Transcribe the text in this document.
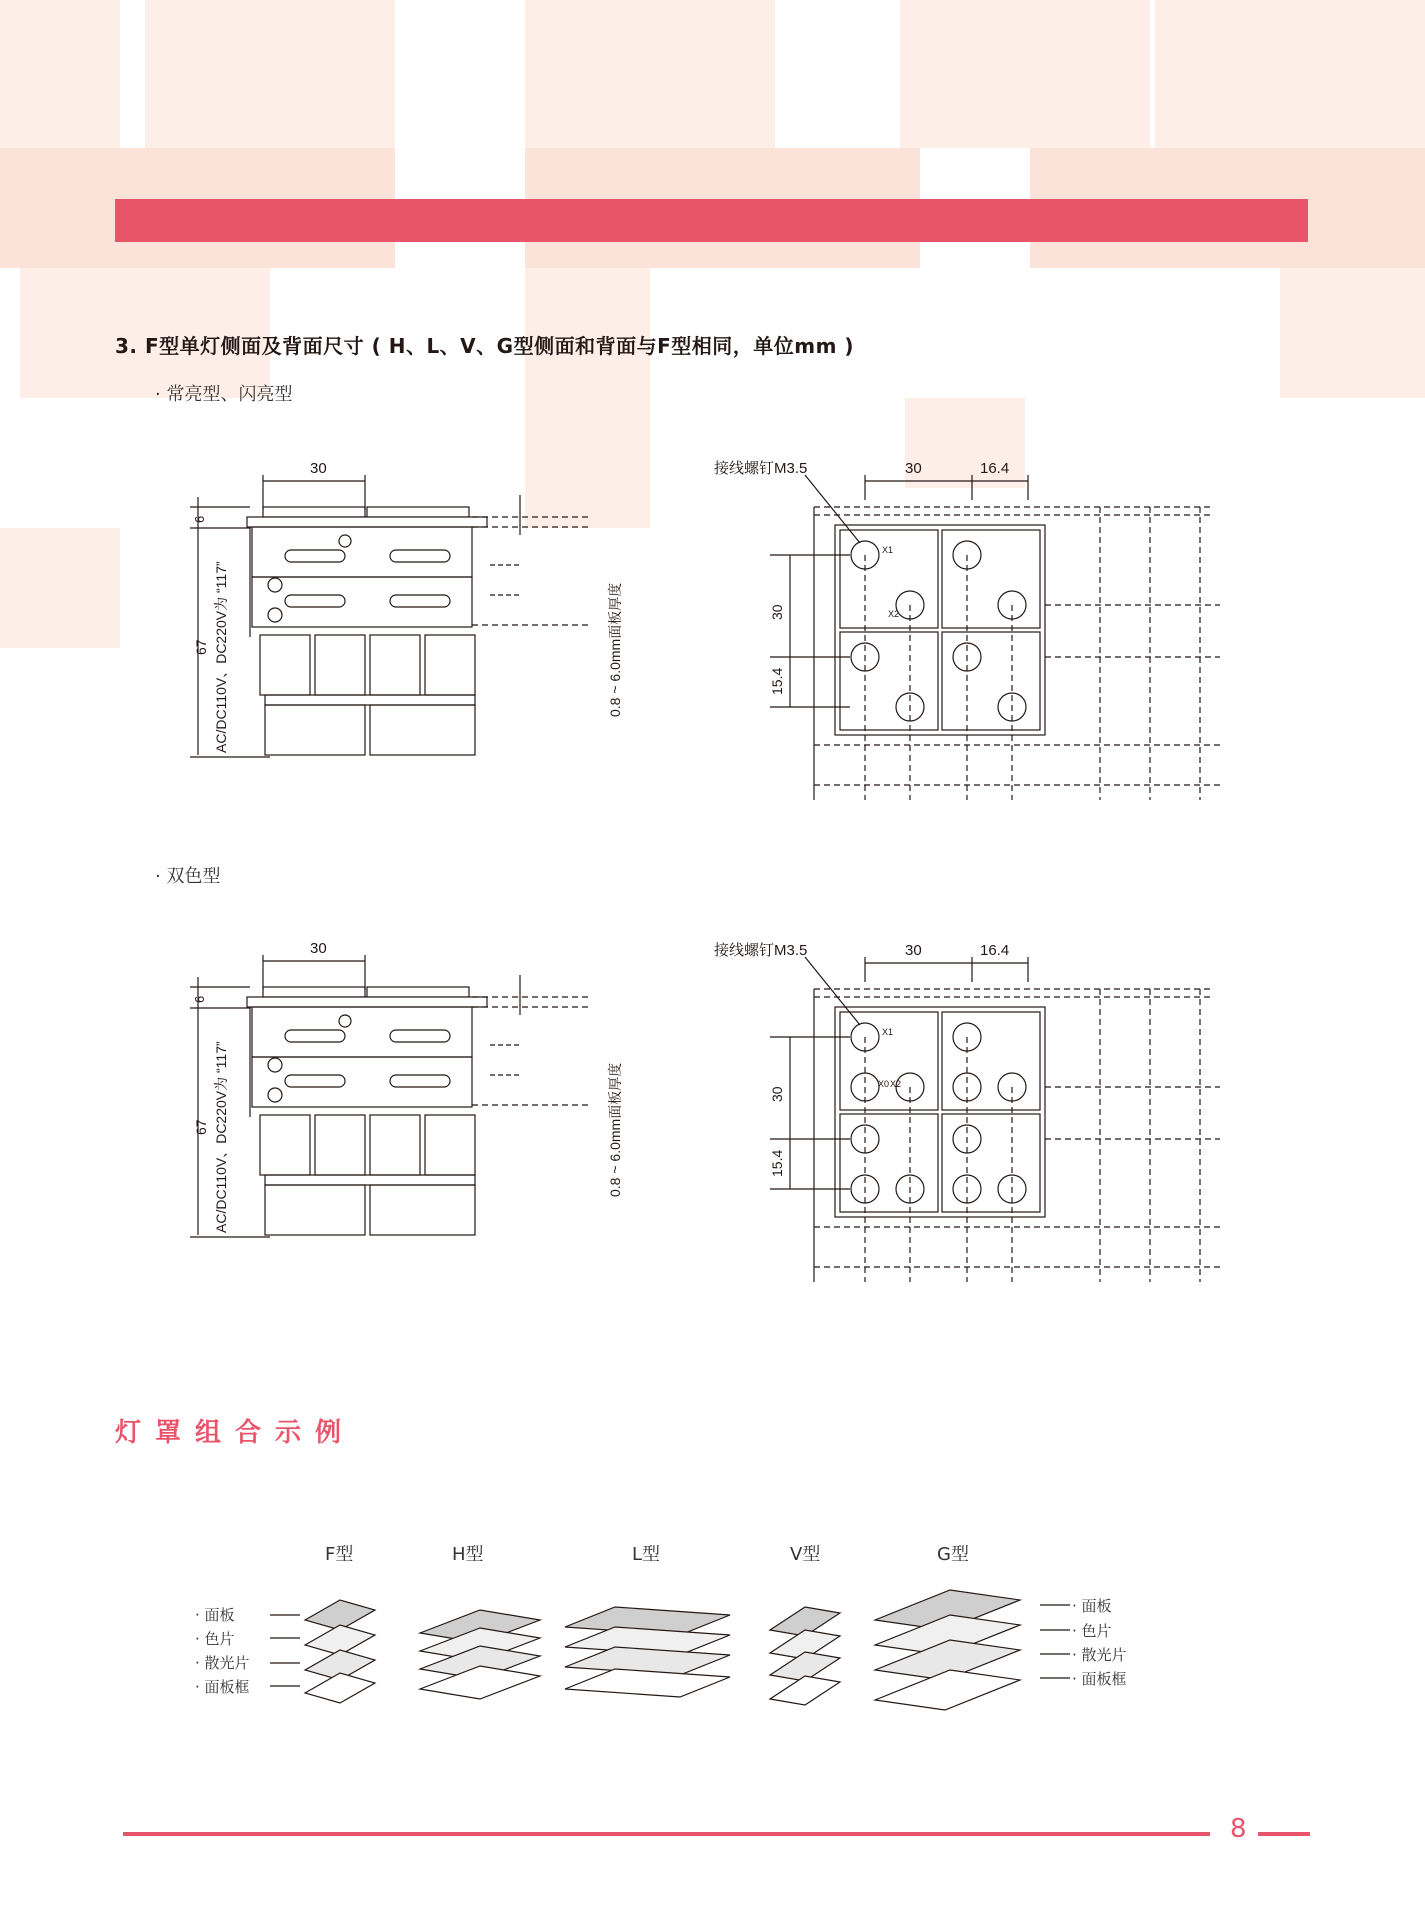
3. F型单灯侧面及背面尺寸 ( H、L、V、G型侧面和背面与F型相同，单位mm )
· 常亮型、闪亮型
30
6
67 AC/DC110V、DC220V为 “117”	0.8 ~ 6.0mm面板厚度
接线螺钉M3.5	30	16.4
30
15.4
X1
X2
· 双色型
30
6
67 AC/DC110V、DC220V为 “117”	0.8 ~ 6.0mm面板厚度
接线螺钉M3.5	30	16.4
30
15.4
X1
X0 X2
灯罩组合示例
F型	H型	L型	V型	G型
· 面板
· 色片
· 散光片
· 面板框
· 面板
· 色片
· 散光片
· 面板框
8
